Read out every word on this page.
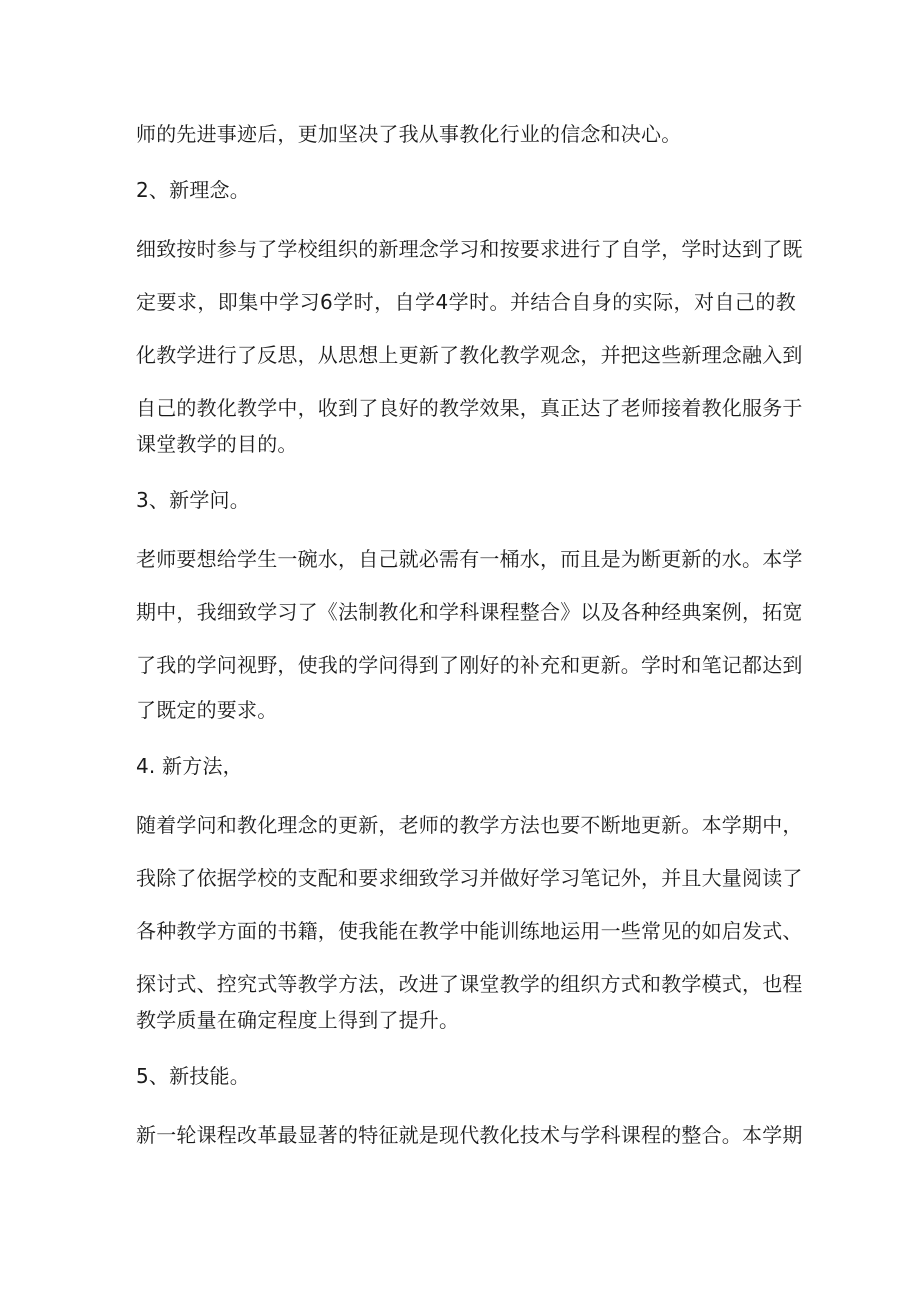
师的先进事迹后，更加坚决了我从事教化行业的信念和决心。
2、新理念。
细致按时参与了学校组织的新理念学习和按要求进行了自学，学时达到了既
定要求，即集中学习6学时，自学4学时。并结合自身的实际，对自己的教
化教学进行了反思，从思想上更新了教化教学观念，并把这些新理念融入到
自己的教化教学中，收到了良好的教学效果，真正达了老师接着教化服务于
课堂教学的目的。
3、新学问。
老师要想给学生一碗水，自己就必需有一桶水，而且是为断更新的水。本学
期中，我细致学习了《法制教化和学科课程整合》以及各种经典案例，拓宽
了我的学问视野，使我的学问得到了刚好的补充和更新。学时和笔记都达到
了既定的要求。
4. 新方法，
随着学问和教化理念的更新，老师的教学方法也要不断地更新。本学期中，
我除了依据学校的支配和要求细致学习并做好学习笔记外，并且大量阅读了
各种教学方面的书籍，使我能在教学中能训练地运用一些常见的如启发式、
探讨式、控究式等教学方法，改进了课堂教学的组织方式和教学模式，也程
教学质量在确定程度上得到了提升。
5、新技能。
新一轮课程改革最显著的特征就是现代教化技术与学科课程的整合。本学期
